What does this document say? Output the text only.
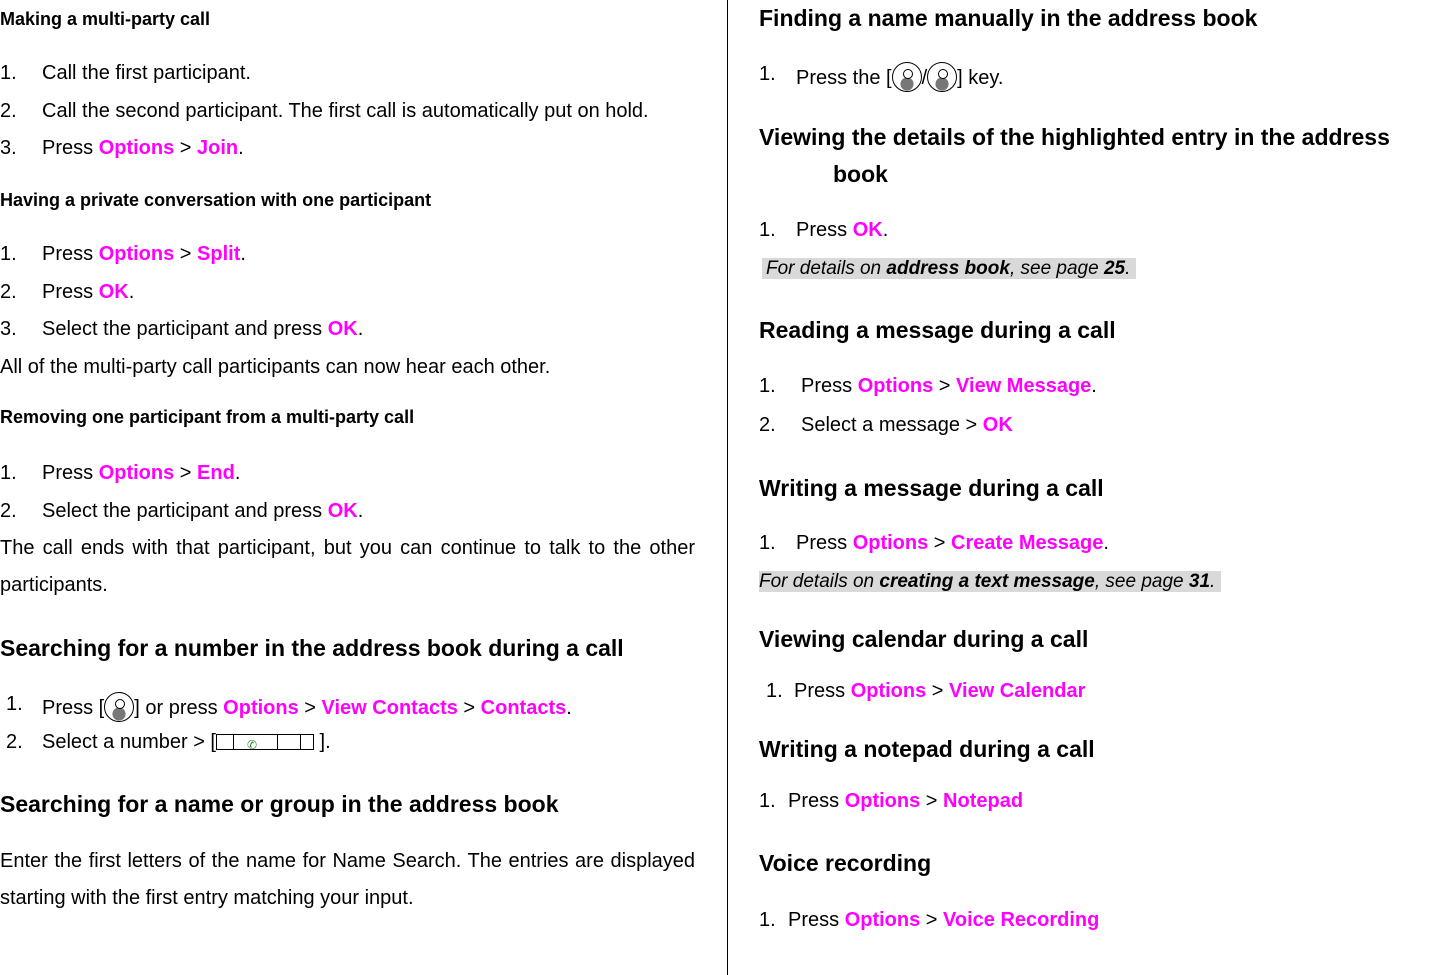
Making a multi-party call
1. Call the first participant.
2. Call the second participant. The first call is automatically put on hold.
3. Press Options > Join.
Having a private conversation with one participant
1. Press Options > Split.
2. Press OK.
3. Select the participant and press OK.
All of the multi-party call participants can now hear each other.
Removing one participant from a multi-party call
1. Press Options > End.
2. Select the participant and press OK.
The call ends with that participant, but you can continue to talk to the other participants.
Searching for a number in the address book during a call
1. Press [ ] or press Options > View Contacts > Contacts.
2. Select a number > [	✆	].
Searching for a name or group in the address book
Enter the first letters of the name for Name Search. The entries are displayed starting with the first entry matching your input.
Finding a name manually in the address book
1. Press the [ / ] key.
Viewing the details of the highlighted entry in the address
book
1. Press OK.
For details on address book, see page 25.
Reading a message during a call
1. Press Options > View Message.
2. Select a message > OK
Writing a message during a call
1. Press Options > Create Message.
For details on creating a text message, see page 31.
Viewing calendar during a call
1. Press Options > View Calendar
Writing a notepad during a call
1. Press Options > Notepad
Voice recording
1. Press Options > Voice Recording
